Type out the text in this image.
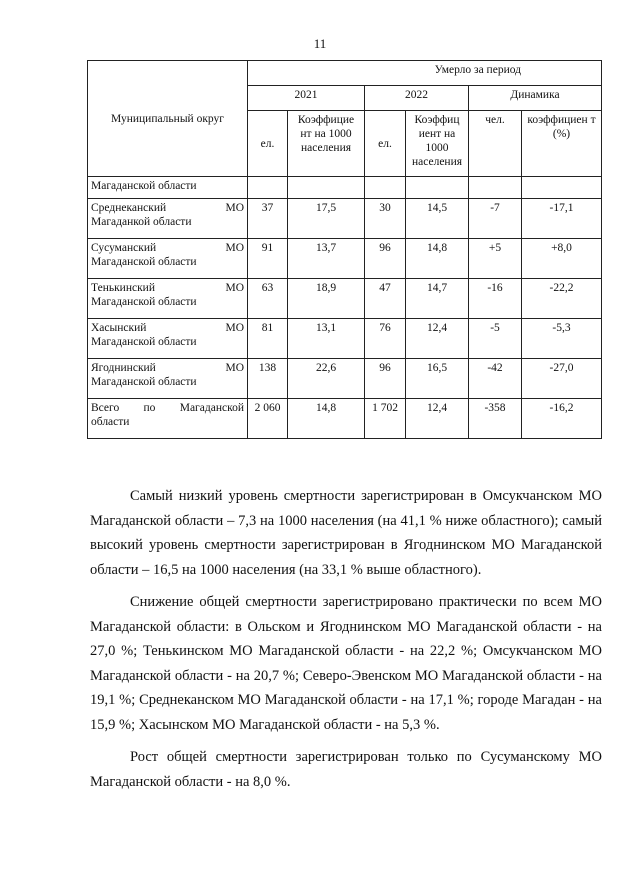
11
Муниципальный округ	Умерло за период					
	2021		2022		Динамика	
	ел.	Коэффицие нт на 1000 населения	ел.	Коэффиц иент на 1000 населения	чел.	коэффициен т (%)
Магаданской области						

Среднеканский МО
Магаданкой области	37	17,5	30	14,5	-7	-17,1

Сусуманский МО
Магаданской области	91	13,7	96	14,8	+5	+8,0

Тенькинский МО
Магаданской области	63	18,9	47	14,7	-16	-22,2

Хасынский МО
Магаданской области	81	13,1	76	12,4	-5	-5,3

Ягоднинский МО
Магаданской области	138	22,6	96	16,5	-42	-27,0

Всего по Магаданской
области	2 060	14,8	1 702	12,4	-358	-16,2

Самый низкий уровень смертности зарегистрирован в Омсукчанском МО Магаданской области – 7,3 на 1000 населения (на 41,1 % ниже областного); самый высокий уровень смертности зарегистрирован в Ягоднинском МО Магаданской области – 16,5 на 1000 населения (на 33,1 % выше областного).

Снижение общей смертности зарегистрировано практически по всем МО Магаданской области: в Ольском и Ягоднинском МО Магаданской области - на 27,0 %; Тенькинском МО Магаданской области - на 22,2 %; Омсукчанском МО Магаданской области - на 20,7 %; Северо-Эвенском МО Магаданской области - на 19,1 %; Среднеканском МО Магаданской области - на 17,1 %; городе Магадан - на 15,9 %; Хасынском МО Магаданской области - на 5,3 %.

Рост общей смертности зарегистрирован только по Сусуманскому МО Магаданской области - на 8,0 %.
